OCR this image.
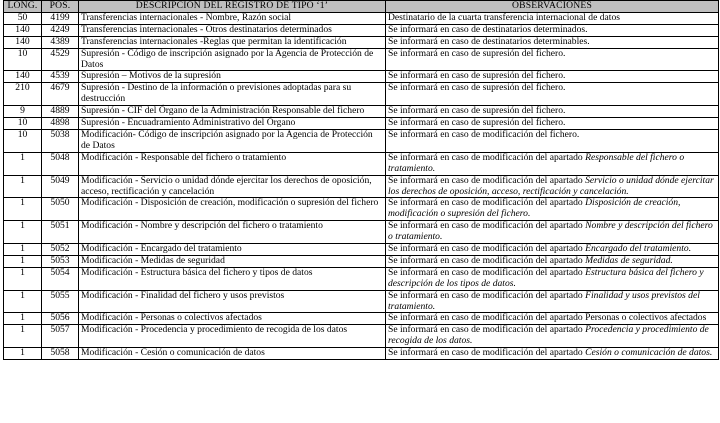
LONG.	POS.	DESCRIPCIÓN DEL REGISTRO DE TIPO ‘1’	OBSERVACIONES
50	4199	Transferencias internacionales - Nombre, Razón social	Destinatario de la cuarta transferencia internacional de datos
140	4249	Transferencias internacionales - Otros destinatarios determinados	Se informará en caso de destinatarios determinados.
140	4389	Transferencias internacionales -Reglas que permitan la identificación	Se informará en caso de destinatarios determinables.
10	4529	Supresión - Código de inscripción asignado por la Agencia de Protección de Datos	Se informará en caso de supresión del fichero.
140	4539	Supresión – Motivos de la supresión	Se informará en caso de supresión del fichero.
210	4679	Supresión - Destino de la información o previsiones adoptadas para su destrucción	Se informará en caso de supresión del fichero.
9	4889	Supresión - CIF del Órgano de la Administración Responsable del fichero	Se informará en caso de supresión del fichero.
10	4898	Supresión - Encuadramiento Administrativo del Órgano	Se informará en caso de supresión del fichero.
10	5038	Modificación- Código de inscripción asignado por la Agencia de Protección de Datos	Se informará en caso de modificación del fichero.
1	5048	Modificación - Responsable del fichero o tratamiento	Se informará en caso de modificación del apartado Responsable del fichero o tratamiento.
1	5049	Modificación - Servicio o unidad dónde ejercitar los derechos de oposición, acceso, rectificación y cancelación	Se informará en caso de modificación del apartado Servicio o unidad dónde ejercitar los derechos de oposición, acceso, rectificación y cancelación.
1	5050	Modificación - Disposición de creación, modificación o supresión del fichero	Se informará en caso de modificación del apartado Disposición de creación, modificación o supresión del fichero.
1	5051	Modificación - Nombre y descripción del fichero o tratamiento	Se informará en caso de modificación del apartado Nombre y descripción del fichero o tratamiento.
1	5052	Modificación - Encargado del tratamiento	Se informará en caso de modificación del apartado Encargado del tratamiento.
1	5053	Modificación - Medidas de seguridad	Se informará en caso de modificación del apartado Medidas de seguridad.
1	5054	Modificación - Estructura básica del fichero y tipos de datos	Se informará en caso de modificación del apartado Estructura básica del fichero y descripción de los tipos de datos.
1	5055	Modificación - Finalidad del fichero y usos previstos	Se informará en caso de modificación del apartado Finalidad y usos previstos del tratamiento.
1	5056	Modificación - Personas o colectivos afectados	Se informará en caso de modificación del apartado Personas o colectivos afectados
1	5057	Modificación - Procedencia y procedimiento de recogida de los datos	Se informará en caso de modificación del apartado Procedencia y procedimiento de recogida de los datos.
1	5058	Modificación - Cesión o comunicación de datos	Se informará en caso de modificación del apartado Cesión o comunicación de datos.
